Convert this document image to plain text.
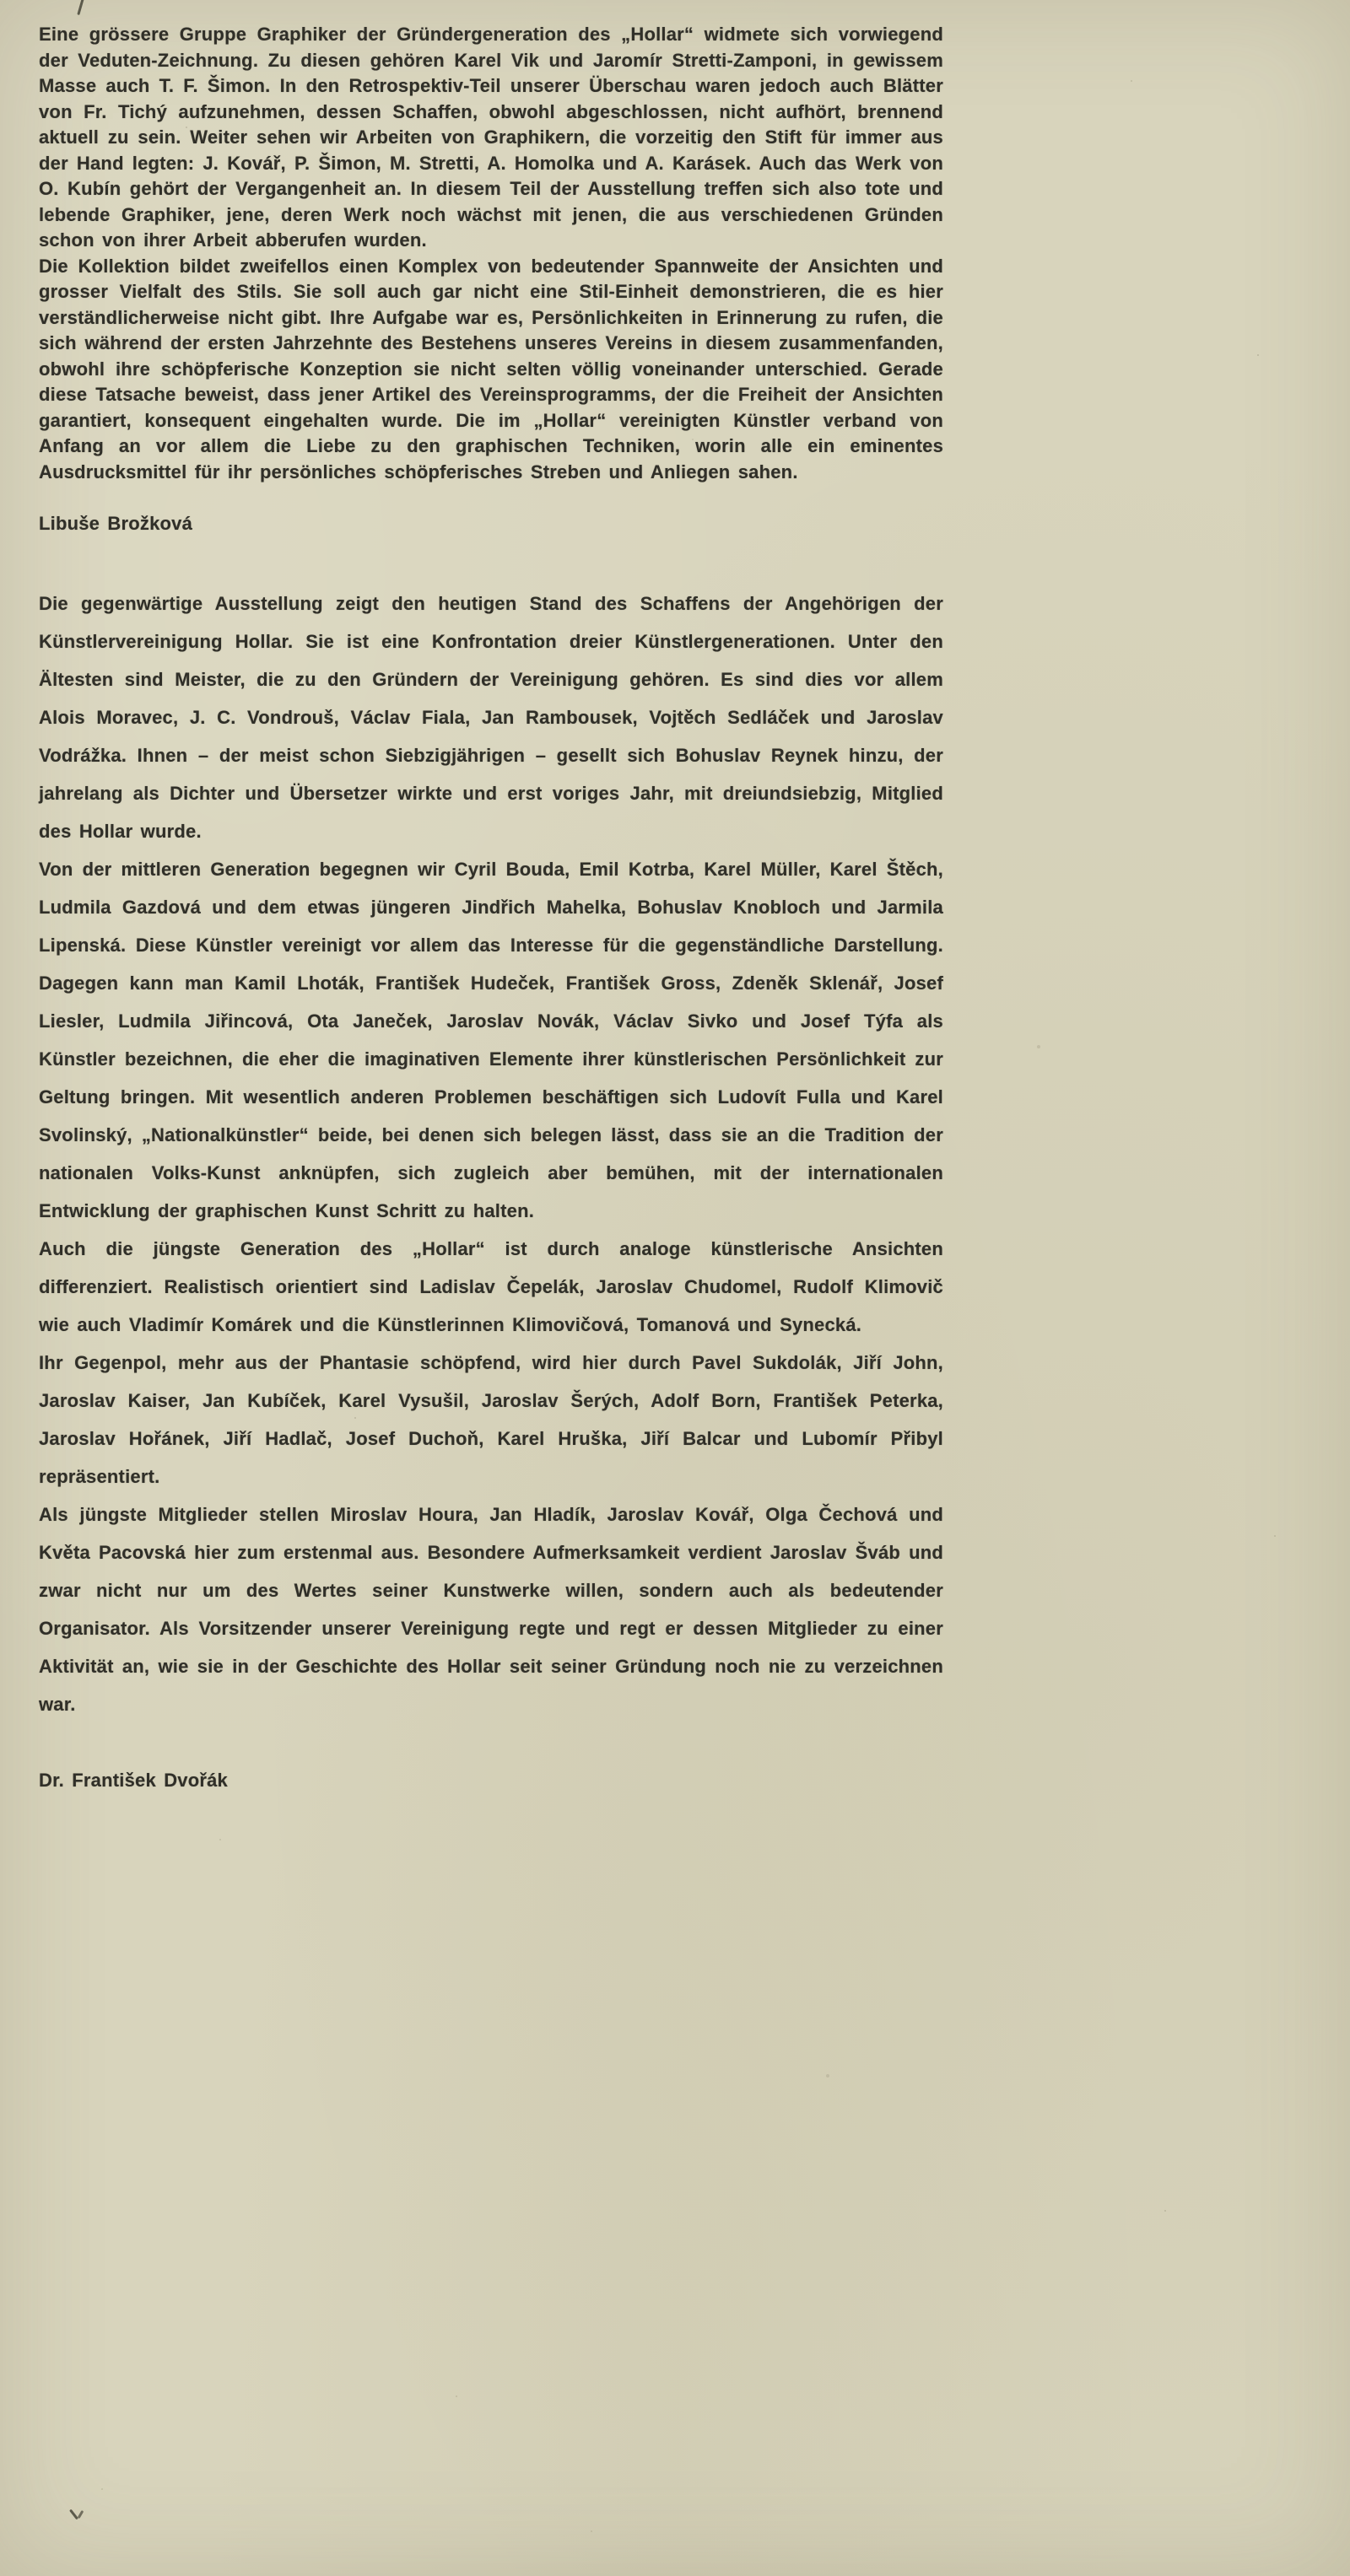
Eine grössere Gruppe Graphiker der Gründergeneration des „Hollar“ widmete sich vorwiegend der Veduten-Zeichnung. Zu diesen gehören Karel Vik und Jaromír Stretti-Zamponi, in gewissem Masse auch T. F. Šimon. In den Retrospektiv-Teil unserer Überschau waren jedoch auch Blätter von Fr. Tichý aufzunehmen, dessen Schaffen, obwohl abgeschlossen, nicht aufhört, brennend aktuell zu sein. Weiter sehen wir Arbeiten von Graphikern, die vorzeitig den Stift für immer aus der Hand legten: J. Kovář, P. Šimon, M. Stretti, A. Homolka und A. Karásek. Auch das Werk von O. Kubín gehört der Vergangenheit an. In diesem Teil der Ausstellung treffen sich also tote und lebende Graphiker, jene, deren Werk noch wächst mit jenen, die aus verschiedenen Gründen schon von ihrer Arbeit abberufen wurden.

Die Kollektion bildet zweifellos einen Komplex von bedeutender Spannweite der Ansichten und grosser Vielfalt des Stils. Sie soll auch gar nicht eine Stil-Einheit demonstrieren, die es hier verständlicherweise nicht gibt. Ihre Aufgabe war es, Persönlichkeiten in Erinnerung zu rufen, die sich während der ersten Jahrzehnte des Bestehens unseres Vereins in diesem zusammenfanden, obwohl ihre schöpferische Konzeption sie nicht selten völlig voneinander unterschied. Gerade diese Tatsache beweist, dass jener Artikel des Vereinsprogramms, der die Freiheit der Ansichten garantiert, konsequent eingehalten wurde. Die im „Hollar“ vereinigten Künstler verband von Anfang an vor allem die Liebe zu den graphischen Techniken, worin alle ein eminentes Ausdrucksmittel für ihr persönliches schöpferisches Streben und Anliegen sahen.

Libuše Brožková

Die gegenwärtige Ausstellung zeigt den heutigen Stand des Schaffens der Angehörigen der Künstlervereinigung Hollar. Sie ist eine Konfrontation dreier Künstlergenerationen. Unter den Ältesten sind Meister, die zu den Gründern der Vereinigung gehören. Es sind dies vor allem Alois Moravec, J. C. Vondrouš, Václav Fiala, Jan Rambousek, Vojtěch Sedláček und Jaroslav Vodrážka. Ihnen – der meist schon Siebzigjährigen – gesellt sich Bohuslav Reynek hinzu, der jahrelang als Dichter und Übersetzer wirkte und erst voriges Jahr, mit dreiundsiebzig, Mitglied des Hollar wurde.

Von der mittleren Generation begegnen wir Cyril Bouda, Emil Kotrba, Karel Müller, Karel Štěch, Ludmila Gazdová und dem etwas jüngeren Jindřich Mahelka, Bohuslav Knobloch und Jarmila Lipenská. Diese Künstler vereinigt vor allem das Interesse für die gegenständliche Darstellung. Dagegen kann man Kamil Lhoták, František Hudeček, František Gross, Zdeněk Sklenář, Josef Liesler, Ludmila Jiřincová, Ota Janeček, Jaroslav Novák, Václav Sivko und Josef Týfa als Künstler bezeichnen, die eher die imaginativen Elemente ihrer künstlerischen Persönlichkeit zur Geltung bringen. Mit wesentlich anderen Problemen beschäftigen sich Ludovít Fulla und Karel Svolinský, „Nationalkünstler“ beide, bei denen sich belegen lässt, dass sie an die Tradition der nationalen Volks-Kunst anknüpfen, sich zugleich aber bemühen, mit der internationalen Entwicklung der graphischen Kunst Schritt zu halten.

Auch die jüngste Generation des „Hollar“ ist durch analoge künstlerische Ansichten differenziert. Realistisch orientiert sind Ladislav Čepelák, Jaroslav Chudomel, Rudolf Klimovič wie auch Vladimír Komárek und die Künstlerinnen Klimovičová, Tomanová und Synecká.

Ihr Gegenpol, mehr aus der Phantasie schöpfend, wird hier durch Pavel Sukdolák, Jiří John, Jaroslav Kaiser, Jan Kubíček, Karel Vysušil, Jaroslav Šerých, Adolf Born, František Peterka, Jaroslav Hořánek, Jiří Hadlač, Josef Duchoň, Karel Hruška, Jiří Balcar und Lubomír Přibyl repräsentiert.

Als jüngste Mitglieder stellen Miroslav Houra, Jan Hladík, Jaroslav Kovář, Olga Čechová und Květa Pacovská hier zum erstenmal aus. Besondere Aufmerksamkeit verdient Jaroslav Šváb und zwar nicht nur um des Wertes seiner Kunstwerke willen, sondern auch als bedeutender Organisator. Als Vorsitzender unserer Vereinigung regte und regt er dessen Mitglieder zu einer Aktivität an, wie sie in der Geschichte des Hollar seit seiner Gründung noch nie zu verzeichnen war.

Dr. František Dvořák
